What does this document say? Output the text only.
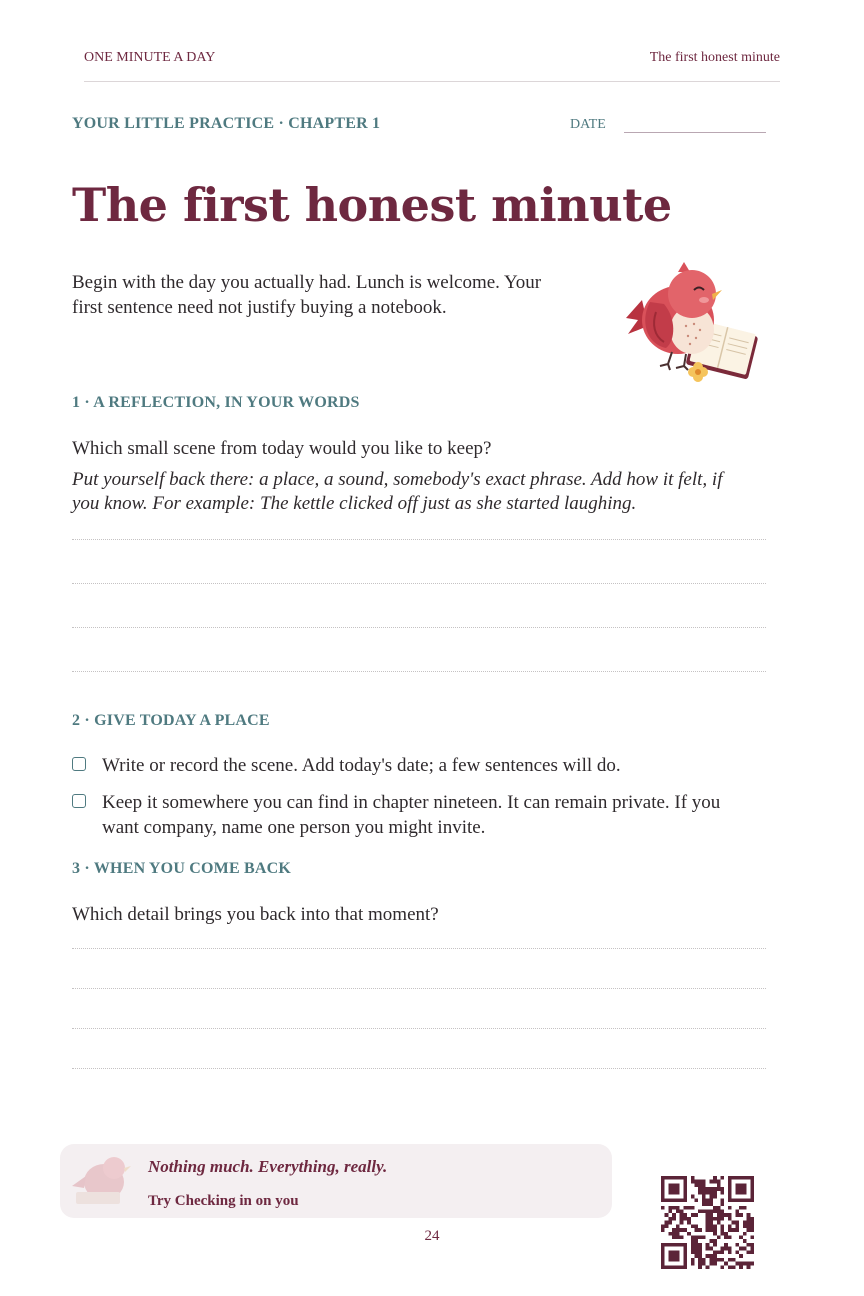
ONE MINUTE A DAY	The first honest minute
YOUR LITTLE PRACTICE · CHAPTER 1	DATE
The first honest minute
Begin with the day you actually had. Lunch is welcome. Your
first sentence need not justify buying a notebook.
1 · A REFLECTION, IN YOUR WORDS
Which small scene from today would you like to keep?
Put yourself back there: a place, a sound, somebody's exact phrase. Add how it felt, if
you know. For example: The kettle clicked off just as she started laughing.
2 · GIVE TODAY A PLACE
Write or record the scene. Add today's date; a few sentences will do.
Keep it somewhere you can find in chapter nineteen. It can remain private. If you
want company, name one person you might invite.
3 · WHEN YOU COME BACK
Which detail brings you back into that moment?
Nothing much. Everything, really.
Try Checking in on you
24
